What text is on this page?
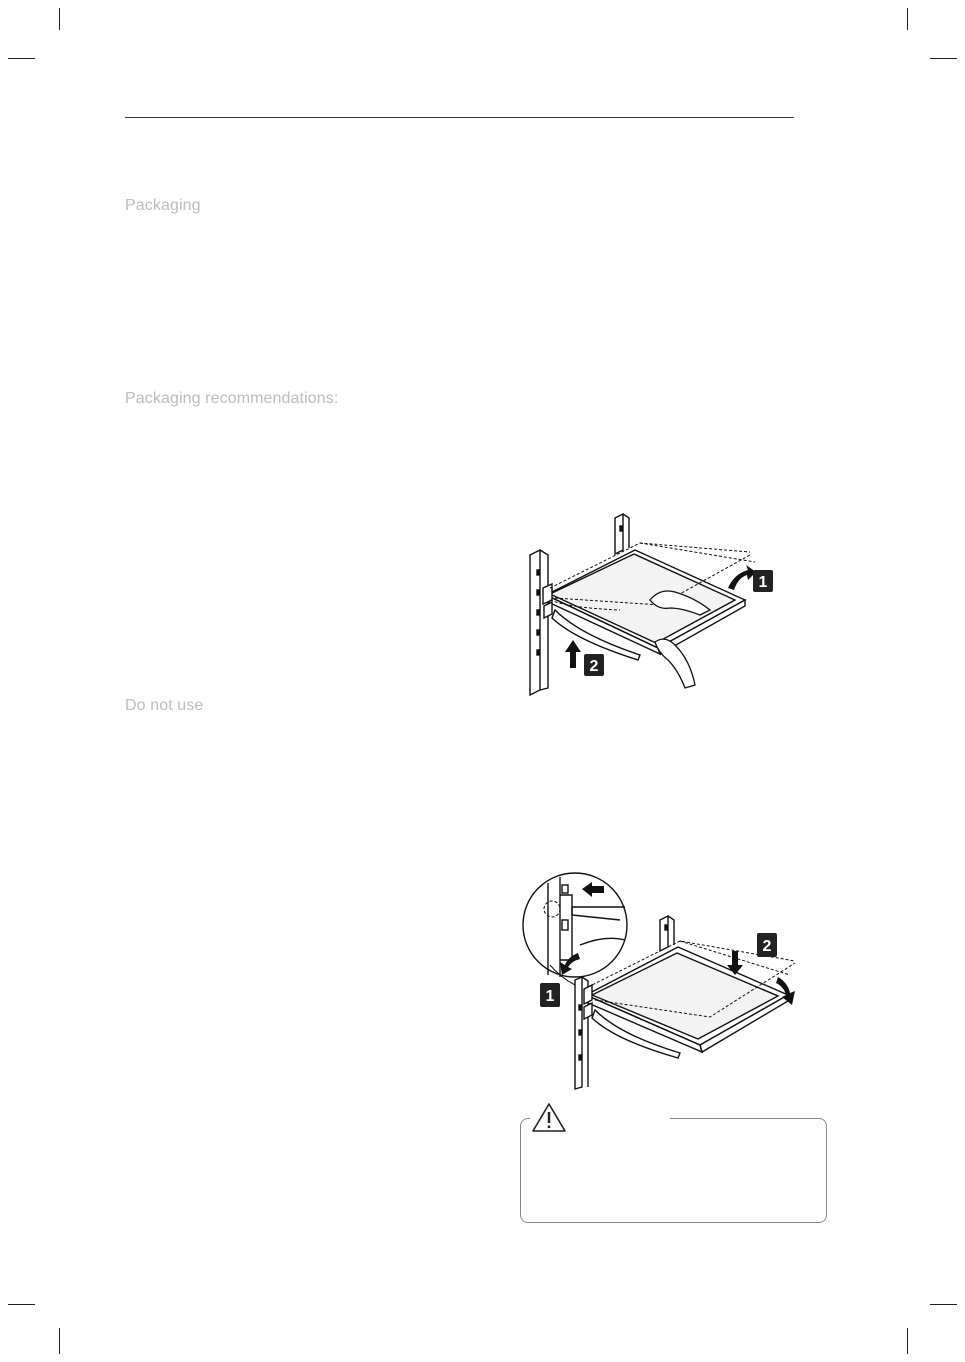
Packaging
Packaging recommendations:
Do not use
1
2
1
2
